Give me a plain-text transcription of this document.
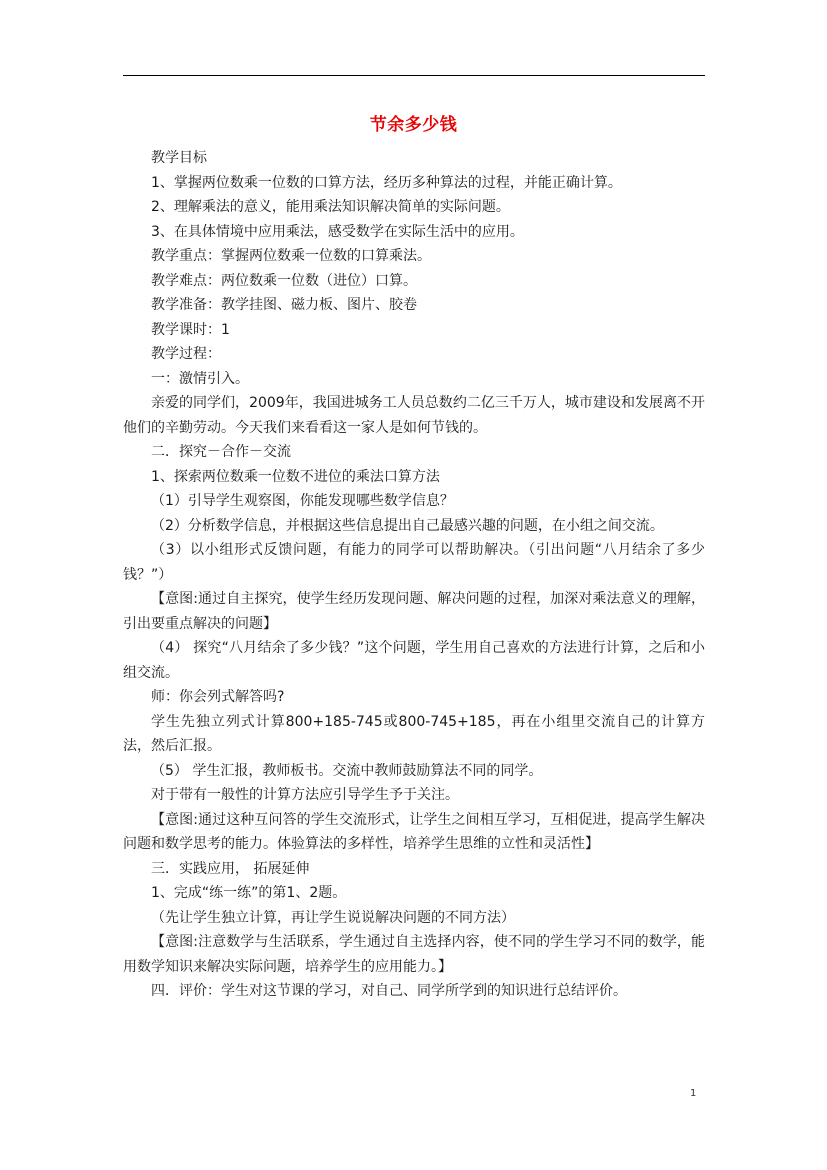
节余多少钱

教学目标

1、掌握两位数乘一位数的口算方法，经历多种算法的过程，并能正确计算。

2、理解乘法的意义，能用乘法知识解决简单的实际问题。

3、在具体情境中应用乘法，感受数学在实际生活中的应用。

教学重点：掌握两位数乘一位数的口算乘法。

教学难点：两位数乘一位数（进位）口算。

教学准备：教学挂图、磁力板、图片、胶卷

教学课时：1

教学过程：

一：激情引入。

亲爱的同学们，2009年，我国进城务工人员总数约二亿三千万人，城市建设和发展离不开他们的辛勤劳动。今天我们来看看这一家人是如何节钱的。

二．探究－合作－交流

1、探索两位数乘一位数不进位的乘法口算方法

（1）引导学生观察图，你能发现哪些数学信息？

（2）分析数学信息，并根据这些信息提出自己最感兴趣的问题，在小组之间交流。

（3）以小组形式反馈问题，有能力的同学可以帮助解决。（引出问题“八月结余了多少钱？”）

【意图:通过自主探究，使学生经历发现问题、解决问题的过程，加深对乘法意义的理解，引出要重点解决的问题】

（4） 探究“八月结余了多少钱？”这个问题，学生用自己喜欢的方法进行计算，之后和小组交流。

师：你会列式解答吗?

学生先独立列式计算800+185-745或800-745+185，再在小组里交流自己的计算方法，然后汇报。

（5） 学生汇报，教师板书。交流中教师鼓励算法不同的同学。

对于带有一般性的计算方法应引导学生予于关注。

【意图:通过这种互问答的学生交流形式，让学生之间相互学习，互相促进，提高学生解决问题和数学思考的能力。体验算法的多样性，培养学生思维的立性和灵活性】

三．实践应用， 拓展延伸

1、完成“练一练”的第1、2题。

（先让学生独立计算，再让学生说说解决问题的不同方法）

【意图:注意数学与生活联系，学生通过自主选择内容，使不同的学生学习不同的数学，能用数学知识来解决实际问题，培养学生的应用能力。】

四．评价：学生对这节课的学习，对自己、同学所学到的知识进行总结评价。

1
